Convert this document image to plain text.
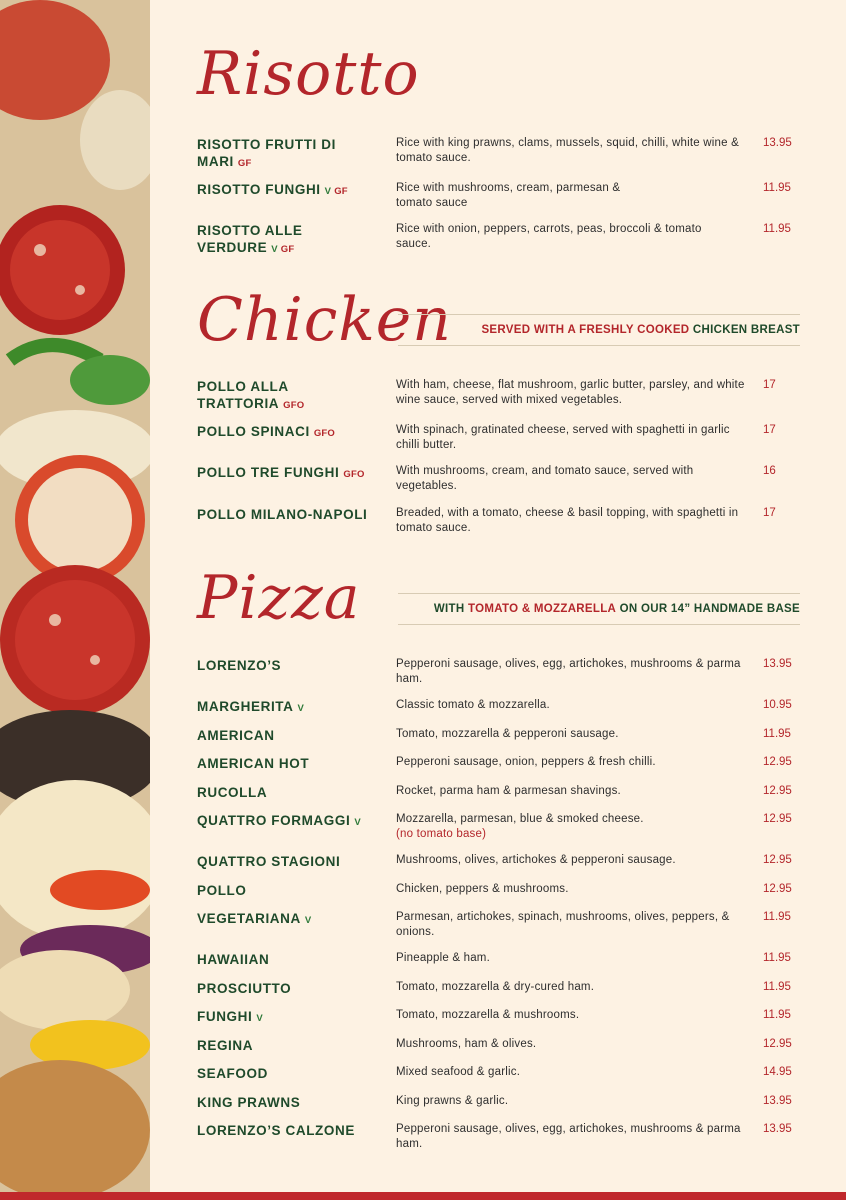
Risotto
RISOTTO FRUTTI DI MARI GF
Rice with king prawns, clams, mussels, squid, chilli, white wine & tomato sauce.
13.95
RISOTTO FUNGHI V GF	Rice with mushrooms, cream, parmesan & tomato sauce
11.95
RISOTTO ALLE VERDURE V GF
Rice with onion, peppers, carrots, peas, broccoli & tomato sauce.
11.95
Chicken	SERVED WITH A FRESHLY COOKED
CHICKEN BREAST
POLLO ALLA TRATTORIA GFO
With ham, cheese, flat mushroom, garlic butter, parsley, and white wine sauce, served with mixed vegetables.
17
POLLO SPINACI GFO	With spinach, gratinated cheese, served with spaghetti in garlic chilli butter.
17
POLLO TRE FUNGHI GFO	With mushrooms, cream, and tomato sauce, served with vegetables.
16
POLLO MILANO-NAPOLI	Breaded, with a tomato, cheese & basil topping, with spaghetti in tomato sauce.
17
Pizza	WITH
TOMATO & MOZZARELLA
ON OUR 14” HANDMADE BASE
LORENZO’S	Pepperoni sausage, olives, egg, artichokes, mushrooms & parma ham.
13.95
MARGHERITA V	Classic tomato & mozzarella.	10.95
AMERICAN	Tomato, mozzarella & pepperoni sausage.	11.95
AMERICAN HOT	Pepperoni sausage, onion, peppers & fresh chilli.	12.95
RUCOLLA	Rocket, parma ham & parmesan shavings.	12.95
QUATTRO FORMAGGI V	Mozzarella, parmesan, blue & smoked cheese.
(no tomato base)
12.95
QUATTRO STAGIONI	Mushrooms, olives, artichokes & pepperoni sausage.	12.95
POLLO	Chicken, peppers & mushrooms.	12.95
VEGETARIANA V	Parmesan, artichokes, spinach, mushrooms, olives, peppers, & onions.
11.95
HAWAIIAN	Pineapple & ham.	11.95
PROSCIUTTO	Tomato, mozzarella & dry-cured ham.	11.95
FUNGHI V	Tomato, mozzarella & mushrooms.	11.95
REGINA	Mushrooms, ham & olives.	12.95
SEAFOOD	Mixed seafood & garlic.	14.95
KING PRAWNS	King prawns & garlic.	13.95
LORENZO’S CALZONE	Pepperoni sausage, olives, egg, artichokes, mushrooms & parma ham.
13.95
